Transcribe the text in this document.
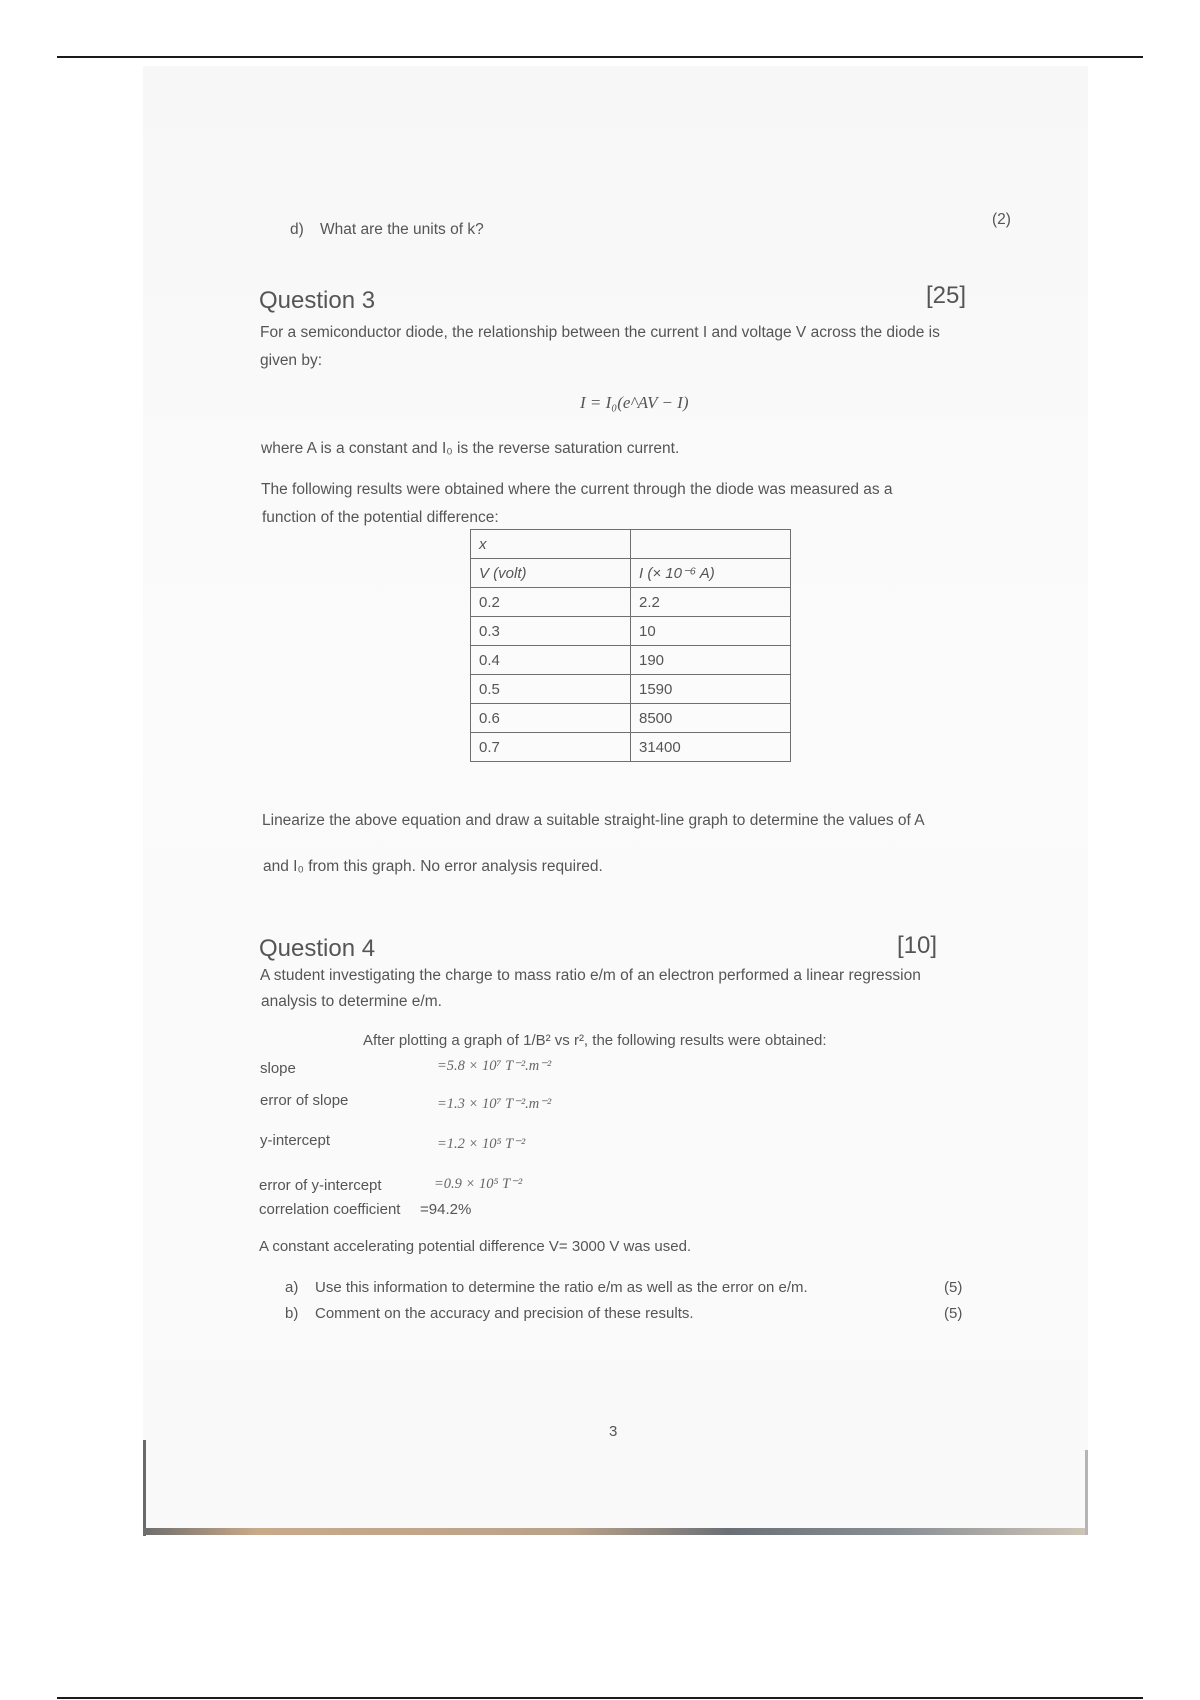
d) What are the units of k?
(2)
Question 3	[25]
For a semiconductor diode, the relationship between the current I and voltage V across the diode is
given by:
I = I₀(e^AV − I)
where A is a constant and I₀ is the reverse saturation current.
The following results were obtained where the current through the diode was measured as a
function of the potential difference:
x	
V (volt)	I (× 10⁻⁶ A)
0.2	2.2
0.3	10
0.4	190
0.5	1590
0.6	8500
0.7	31400
Linearize the above equation and draw a suitable straight-line graph to determine the values of A
and I₀ from this graph. No error analysis required.
Question 4	[10]
A student investigating the charge to mass ratio e/m of an electron performed a linear regression
analysis to determine e/m.
After plotting a graph of 1/B² vs r², the following results were obtained:
slope	=5.8 × 10⁷ T⁻².m⁻²
error of slope	=1.3 × 10⁷ T⁻².m⁻²
y-intercept	=1.2 × 10⁵ T⁻²
error of y-intercept	=0.9 × 10⁵ T⁻²
correlation coefficient =94.2%
A constant accelerating potential difference V= 3000 V was used.
a) Use this information to determine the ratio e/m as well as the error on e/m.	(5)
b) Comment on the accuracy and precision of these results.	(5)
3
